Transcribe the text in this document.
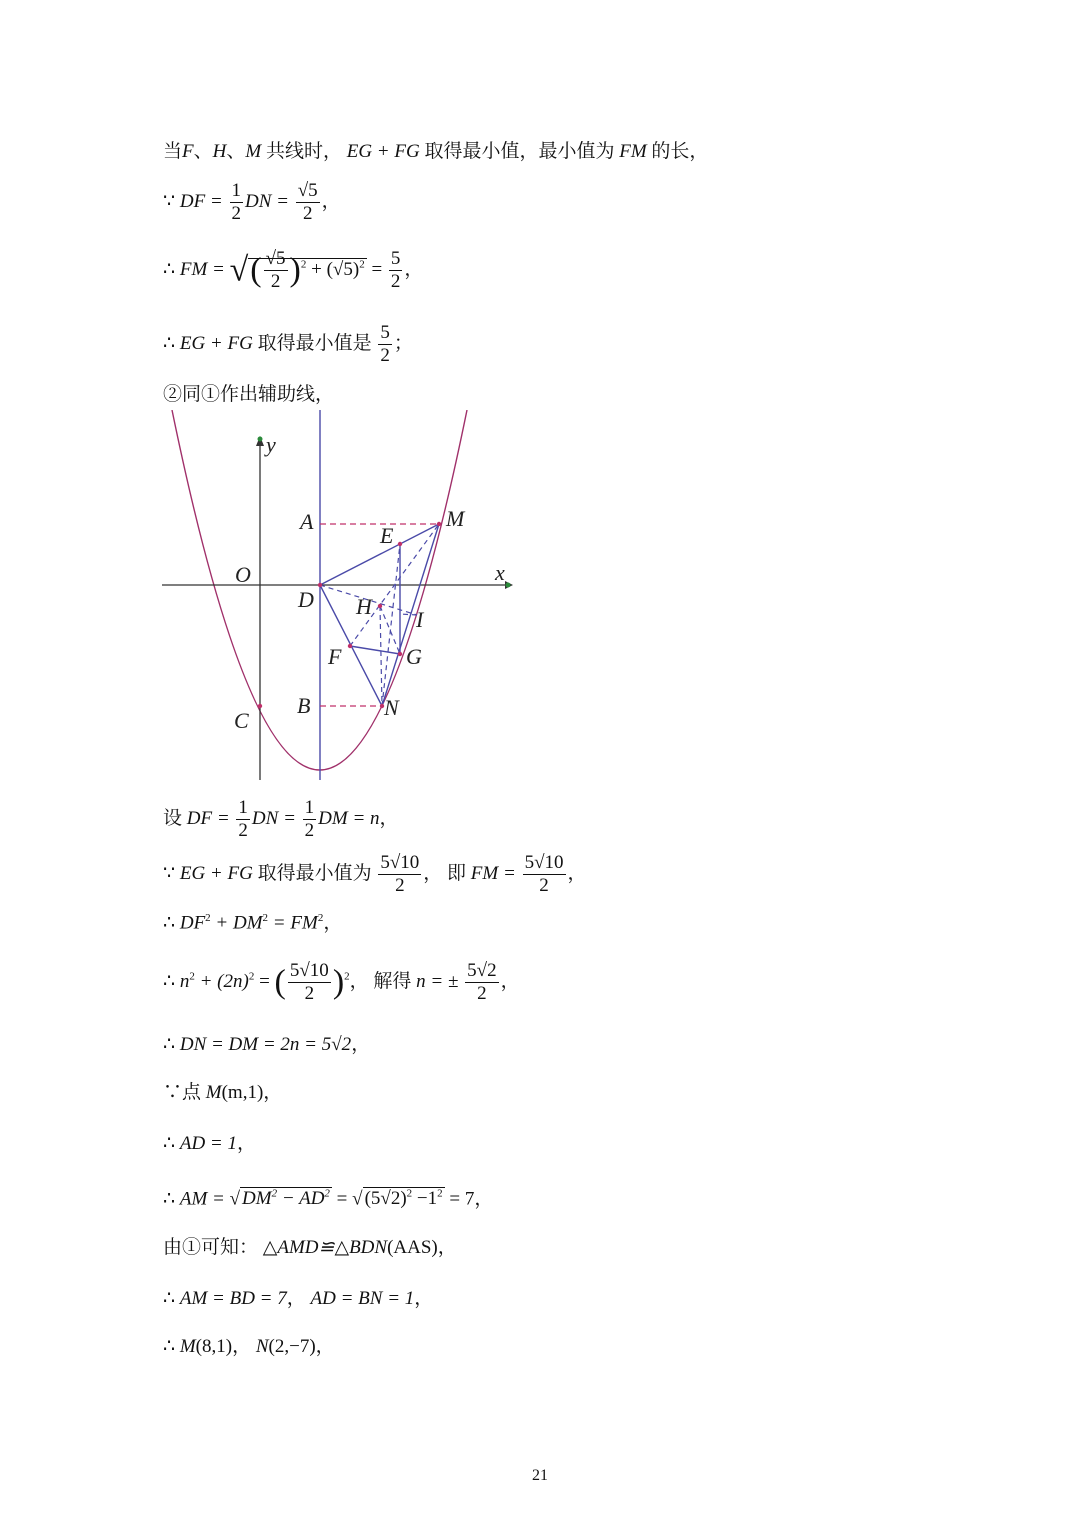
当F、H、M 共线时， EG + FG 取得最小值，最小值为 FM 的长，
∵ DF = $\frac{1}{2}$ DN = $\frac{√5}{2}$ ，
∴ FM = √( $\frac{√5}{2} )^2 + (√5)^2 = \frac{5}{2}$ ，
∴ EG + FG 取得最小值是 $\frac{5}{2}$ ；
②同①作出辅助线，
y
x
O
A	M
E
D H
I
F	G
B	N
C
设 DF = $\frac{1}{2}$ DN = $\frac{1}{2}$ DM = n，
∵ EG + FG 取得最小值为 $\frac{5√10}{2}$ ， 即 FM = $\frac{5√10}{2}$ ，
∴ $DF^2 + DM^2 = FM^2$，
∴ $n^2 + (2n)^2$ = ( $\frac{5√10}{2} )^2$， 解得 n = ± $\frac{5√2}{2}$ ，
∴ DN = DM = 2n = 5√2，
∵点 M(m,1)，
∴ AD = 1，
∴ AM = √ $DM^2 - AD^2$ = √ $(5√2)^2 -1^2 = 7$，
由①可知： △AMD≌△BDN(AAS)，
∴ AM = BD = 7， AD = BN = 1，
∴ M(8,1)， N(2,−7)，
21
